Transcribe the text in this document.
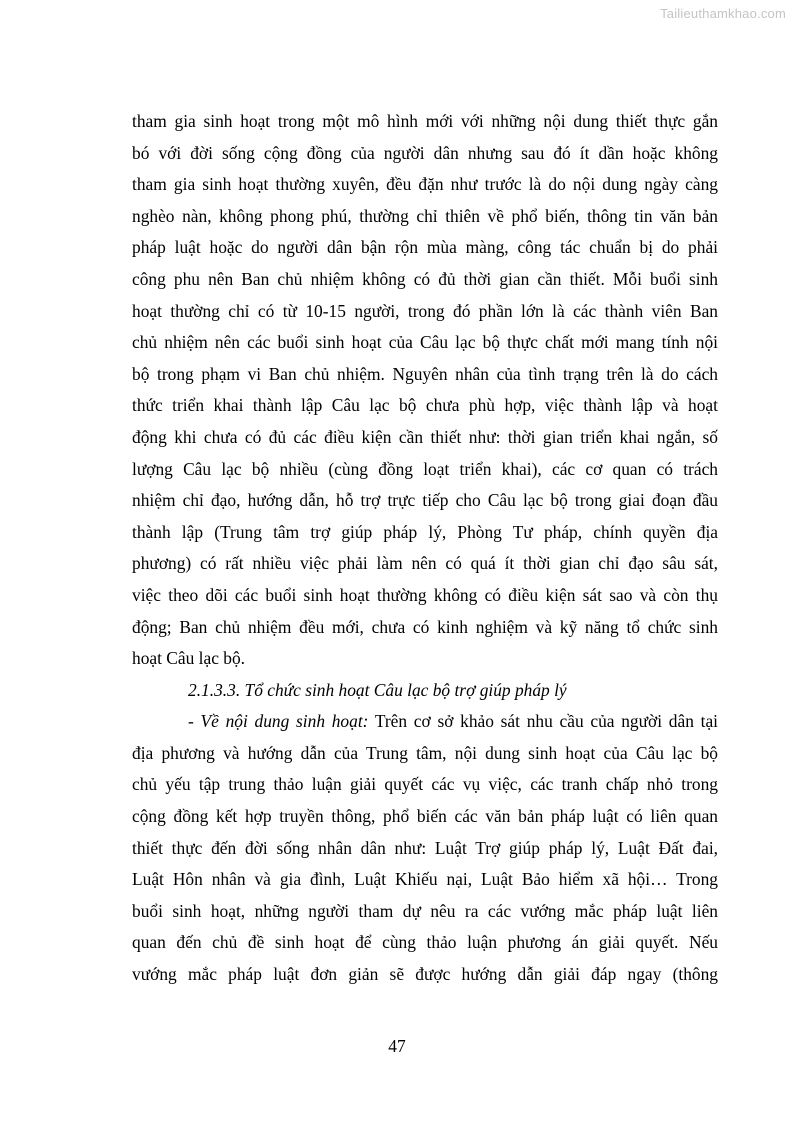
Tailieuthamkhao.com
tham gia sinh hoạt trong một mô hình mới với những nội dung thiết thực gắn
bó với đời sống cộng đồng của người dân nhưng sau đó ít dần hoặc không
tham gia sinh hoạt thường xuyên, đều đặn như trước là do nội dung ngày càng
nghèo nàn, không phong phú, thường chỉ thiên về phổ biến, thông tin văn bản
pháp luật hoặc do người dân bận rộn mùa màng, công tác chuẩn bị do phải
công phu nên Ban chủ nhiệm không có đủ thời gian cần thiết. Mỗi buổi sinh
hoạt thường chỉ có từ 10-15 người, trong đó phần lớn là các thành viên Ban
chủ nhiệm nên các buổi sinh hoạt của Câu lạc bộ thực chất mới mang tính nội
bộ trong phạm vi Ban chủ nhiệm. Nguyên nhân của tình trạng trên là do cách
thức triển khai thành lập Câu lạc bộ chưa phù hợp, việc thành lập và hoạt
động khi chưa có đủ các điều kiện cần thiết như: thời gian triển khai ngắn, số
lượng Câu lạc bộ nhiều (cùng đồng loạt triển khai), các cơ quan có trách
nhiệm chỉ đạo, hướng dẫn, hỗ trợ trực tiếp cho Câu lạc bộ trong giai đoạn đầu
thành lập (Trung tâm trợ giúp pháp lý, Phòng Tư pháp, chính quyền địa
phương) có rất nhiều việc phải làm nên có quá ít thời gian chỉ đạo sâu sát,
việc theo dõi các buổi sinh hoạt thường không có điều kiện sát sao và còn thụ
động; Ban chủ nhiệm đều mới, chưa có kinh nghiệm và kỹ năng tổ chức sinh
hoạt Câu lạc bộ.
2.1.3.3. Tổ chức sinh hoạt Câu lạc bộ trợ giúp pháp lý
- Về nội dung sinh hoạt: Trên cơ sở khảo sát nhu cầu của người dân tại
địa phương và hướng dẫn của Trung tâm, nội dung sinh hoạt của Câu lạc bộ
chủ yếu tập trung thảo luận giải quyết các vụ việc, các tranh chấp nhỏ trong
cộng đồng kết hợp truyền thông, phổ biến các văn bản pháp luật có liên quan
thiết thực đến đời sống nhân dân như: Luật Trợ giúp pháp lý, Luật Đất đai,
Luật Hôn nhân và gia đình, Luật Khiếu nại, Luật Bảo hiểm xã hội… Trong
buổi sinh hoạt, những người tham dự nêu ra các vướng mắc pháp luật liên
quan đến chủ đề sinh hoạt để cùng thảo luận phương án giải quyết. Nếu
vướng mắc pháp luật đơn giản sẽ được hướng dẫn giải đáp ngay (thông
47
